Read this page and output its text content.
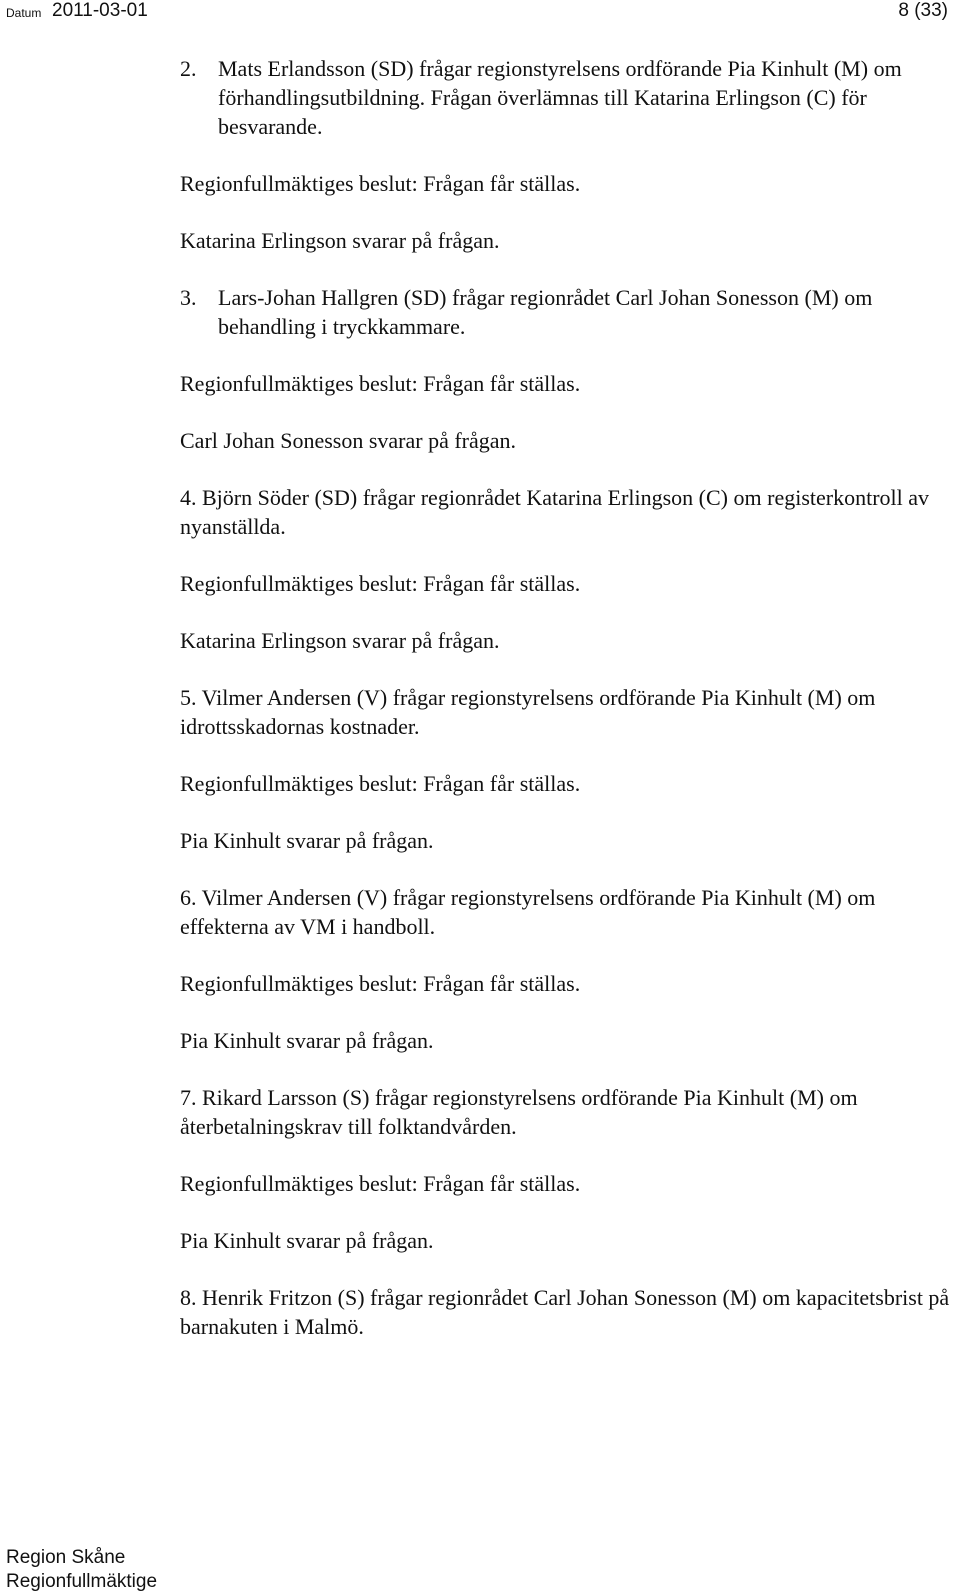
Datum 2011-03-01	8 (33)
2. Mats Erlandsson (SD) frågar regionstyrelsens ordförande Pia Kinhult (M) om förhandlingsutbildning. Frågan överlämnas till Katarina Erlingson (C) för besvarande.
Regionfullmäktiges beslut: Frågan får ställas.
Katarina Erlingson svarar på frågan.
3. Lars-Johan Hallgren (SD) frågar regionrådet Carl Johan Sonesson (M) om behandling i tryckkammare.
Regionfullmäktiges beslut: Frågan får ställas.
Carl Johan Sonesson svarar på frågan.
4. Björn Söder (SD) frågar regionrådet Katarina Erlingson (C) om registerkontroll av nyanställda.
Regionfullmäktiges beslut: Frågan får ställas.
Katarina Erlingson svarar på frågan.
5. Vilmer Andersen (V) frågar regionstyrelsens ordförande Pia Kinhult (M) om idrottsskadornas kostnader.
Regionfullmäktiges beslut: Frågan får ställas.
Pia Kinhult svarar på frågan.
6. Vilmer Andersen (V) frågar regionstyrelsens ordförande Pia Kinhult (M) om effekterna av VM i handboll.
Regionfullmäktiges beslut: Frågan får ställas.
Pia Kinhult svarar på frågan.
7. Rikard Larsson (S) frågar regionstyrelsens ordförande Pia Kinhult (M) om återbetalningskrav till folktandvården.
Regionfullmäktiges beslut: Frågan får ställas.
Pia Kinhult svarar på frågan.
8. Henrik Fritzon (S) frågar regionrådet Carl Johan Sonesson (M) om kapacitetsbrist på barnakuten i Malmö.
Region Skåne
Regionfullmäktige
